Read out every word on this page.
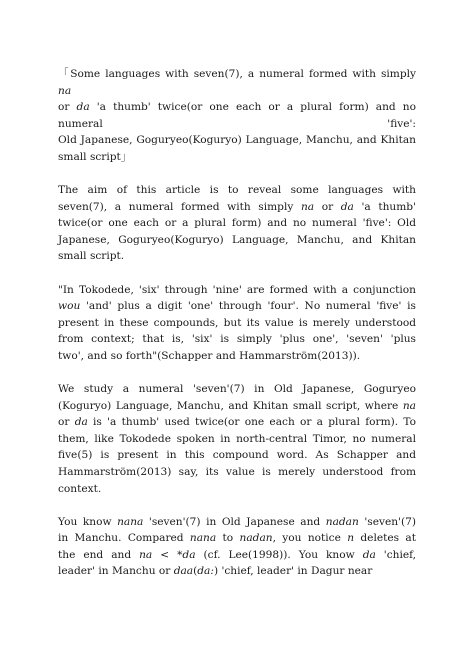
「Some languages with seven(7), a numeral formed with simply na
or da 'a thumb' twice(or one each or a plural form) and no
numeral 'five':
Old Japanese, Goguryeo(Koguryo) Language, Manchu, and Khitan
small script」
The aim of this article is to reveal some languages with
seven(7), a numeral formed with simply na or da 'a thumb'
twice(or one each or a plural form) and no numeral 'five': Old
Japanese, Goguryeo(Koguryo) Language, Manchu, and Khitan
small script.
"In Tokodede, 'six' through 'nine' are formed with a conjunction
wou 'and' plus a digit 'one' through 'four'. No numeral 'five' is
present in these compounds, but its value is merely understood
from context; that is, 'six' is simply 'plus one', 'seven' 'plus
two', and so forth"(Schapper and Hammarström(2013)).
We study a numeral 'seven'(7) in Old Japanese, Goguryeo
(Koguryo) Language, Manchu, and Khitan small script, where na
or da is 'a thumb' used twice(or one each or a plural form). To
them, like Tokodede spoken in north-central Timor, no numeral
five(5) is present in this compound word. As Schapper and
Hammarström(2013) say, its value is merely understood from
context.
You know nana 'seven'(7) in Old Japanese and nadan 'seven'(7)
in Manchu. Compared nana to nadan, you notice n deletes at
the end and na < *da (cf. Lee(1998)). You know da 'chief,
leader' in Manchu or daa(da:) 'chief, leader' in Dagur near
